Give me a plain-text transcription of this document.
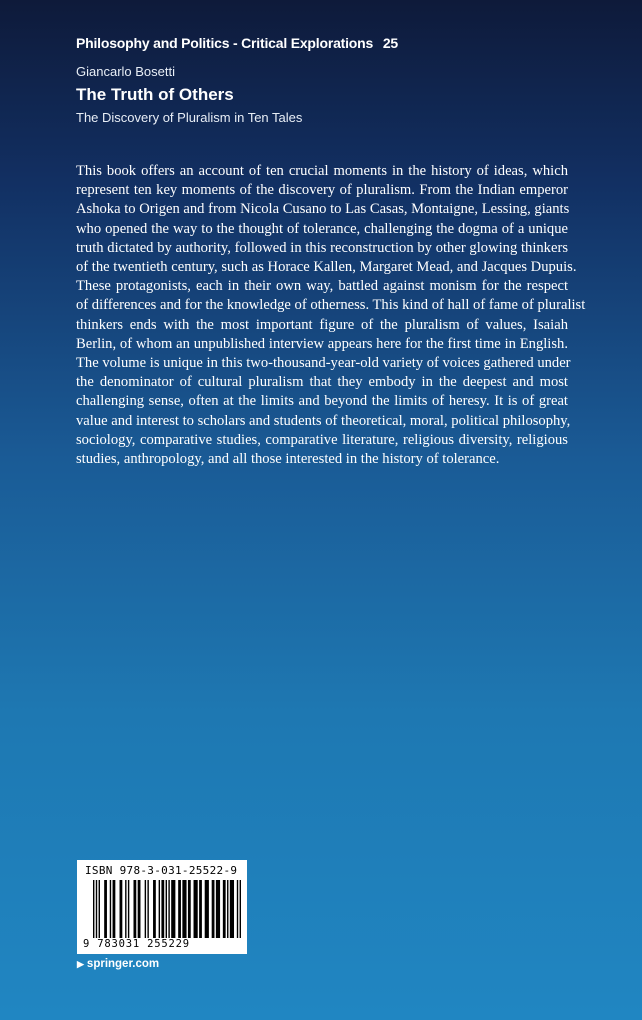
Philosophy and Politics - Critical Explorations 25
Giancarlo Bosetti
The Truth of Others
The Discovery of Pluralism in Ten Tales
This book offers an account of ten crucial moments in the history of ideas, which
represent ten key moments of the discovery of pluralism. From the Indian emperor
Ashoka to Origen and from Nicola Cusano to Las Casas, Montaigne, Lessing, giants
who opened the way to the thought of tolerance, challenging the dogma of a unique
truth dictated by authority, followed in this reconstruction by other glowing thinkers
of the twentieth century, such as Horace Kallen, Margaret Mead, and Jacques Dupuis.
These protagonists, each in their own way, battled against monism for the respect
of differences and for the knowledge of otherness. This kind of hall of fame of pluralist
thinkers ends with the most important figure of the pluralism of values, Isaiah
Berlin, of whom an unpublished interview appears here for the first time in English.
The volume is unique in this two-thousand-year-old variety of voices gathered under
the denominator of cultural pluralism that they embody in the deepest and most
challenging sense, often at the limits and beyond the limits of heresy. It is of great
value and interest to scholars and students of theoretical, moral, political philosophy,
sociology, comparative studies, comparative literature, religious diversity, religious
studies, anthropology, and all those interested in the history of tolerance.
ISBN 978-3-031-25522-9
9 783031 255229
▶ springer.com
